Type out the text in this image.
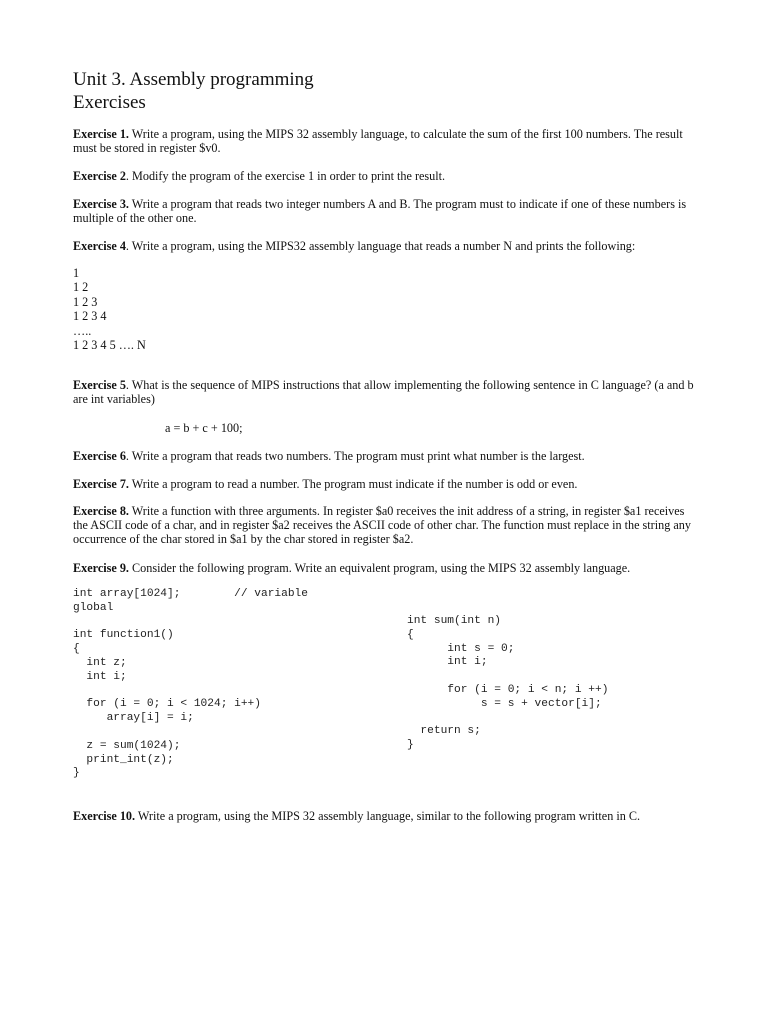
Unit 3. Assembly programming
Exercises

Exercise 1. Write a program, using the MIPS 32 assembly language, to calculate the sum of the first 100 numbers. The result must be stored in register $v0.

Exercise 2. Modify the program of the exercise 1 in order to print the result.

Exercise 3. Write a program that reads two integer numbers A and B. The program must to indicate if one of these numbers is multiple of the other one.

Exercise 4. Write a program, using the MIPS32 assembly language that reads a number N and prints the following:

1
1 2
1 2 3
1 2 3 4
…..
1 2 3 4 5 …. N

Exercise 5. What is the sequence of MIPS instructions that allow implementing the following sentence in C language? (a and b are int variables)

a = b + c + 100;

Exercise 6. Write a program that reads two numbers. The program must print what number is the largest.

Exercise 7. Write a program to read a number. The program must indicate if the number is odd or even.

Exercise 8. Write a function with three arguments. In register $a0 receives the init address of a string, in register $a1 receives the ASCII code of a char, and in register $a2 receives the ASCII code of other char. The function must replace in the string any occurrence of the char stored in $a1 by the char stored in register $a2.

Exercise 9. Consider the following program. Write an equivalent program, using the MIPS 32 assembly language.

int array[1024];        // variable
global

int function1()
{
int z;
int i;

for (i = 0; i < 1024; i++)
array[i] = i;

z = sum(1024);
print_int(z);
}
int sum(int n)
{
int s = 0;
int i;

for (i = 0; i < n; i ++)
s = s + vector[i];

return s;
}

Exercise 10. Write a program, using the MIPS 32 assembly language, similar to the following program written in C.
